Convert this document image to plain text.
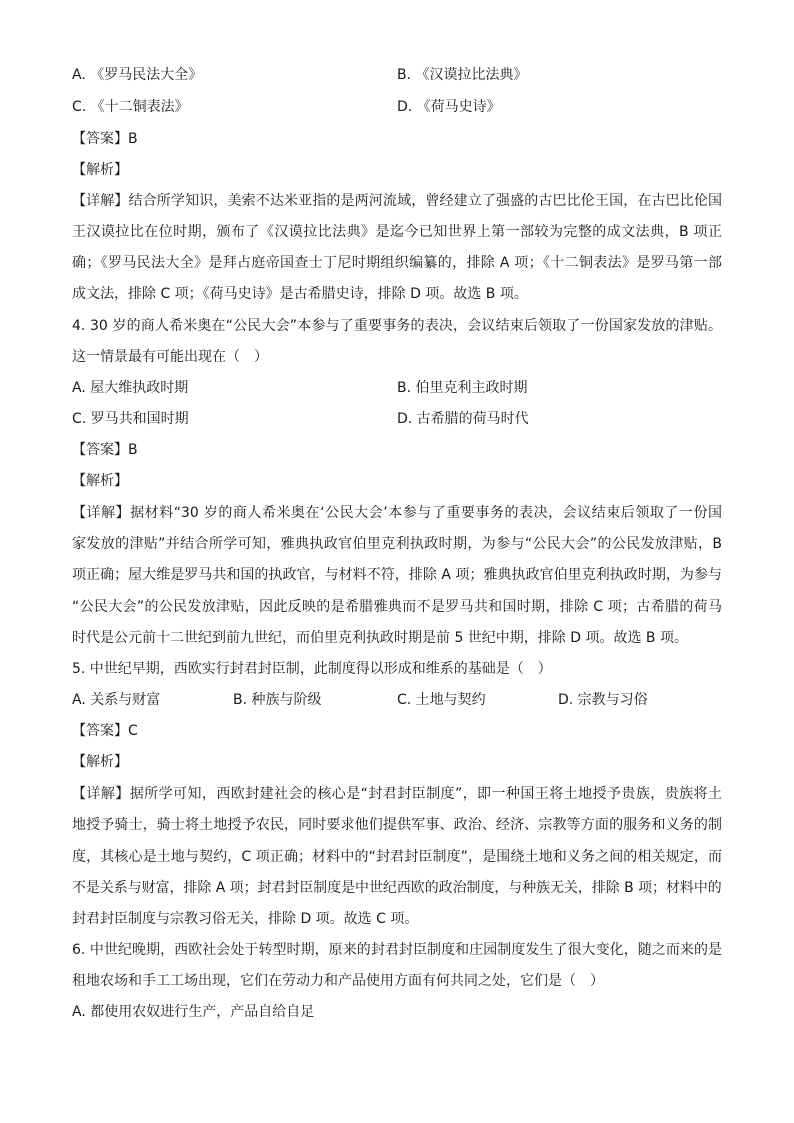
A. 《罗马民法大全》	B. 《汉谟拉比法典》
C. 《十二铜表法》	D. 《荷马史诗》
【答案】B
【解析】
【详解】结合所学知识，美索不达米亚指的是两河流域，曾经建立了强盛的古巴比伦王国，在古巴比伦国
王汉谟拉比在位时期，颁布了《汉谟拉比法典》是迄今已知世界上第一部较为完整的成文法典，B 项正
确；《罗马民法大全》是拜占庭帝国查士丁尼时期组织编纂的，排除 A 项；《十二铜表法》是罗马第一部
成文法，排除 C 项；《荷马史诗》是古希腊史诗，排除 D 项。故选 B 项。
4. 30 岁的商人希米奥在“公民大会”本参与了重要事务的表决，会议结束后领取了一份国家发放的津贴。
这一情景最有可能出现在（　）
A. 屋大维执政时期	B. 伯里克利主政时期
C. 罗马共和国时期	D. 古希腊的荷马时代
【答案】B
【解析】
【详解】据材料“30 岁的商人希米奥在‘公民大会’本参与了重要事务的表决，会议结束后领取了一份国
家发放的津贴”并结合所学可知，雅典执政官伯里克利执政时期，为参与“公民大会”的公民发放津贴，B
项正确；屋大维是罗马共和国的执政官，与材料不符，排除 A 项；雅典执政官伯里克利执政时期，为参与
“公民大会”的公民发放津贴，因此反映的是希腊雅典而不是罗马共和国时期，排除 C 项；古希腊的荷马
时代是公元前十二世纪到前九世纪，而伯里克利执政时期是前 5 世纪中期，排除 D 项。故选 B 项。
5. 中世纪早期，西欧实行封君封臣制，此制度得以形成和维系的基础是（　）
A. 关系与财富	B. 种族与阶级	C. 土地与契约	D. 宗教与习俗
【答案】C
【解析】
【详解】据所学可知，西欧封建社会的核心是“封君封臣制度”，即一种国王将土地授予贵族，贵族将土
地授予骑士，骑士将土地授予农民，同时要求他们提供军事、政治、经济、宗教等方面的服务和义务的制
度，其核心是土地与契约，C 项正确；材料中的“封君封臣制度”，是围绕土地和义务之间的相关规定，而
不是关系与财富，排除 A 项；封君封臣制度是中世纪西欧的政治制度，与种族无关，排除 B 项；材料中的
封君封臣制度与宗教习俗无关，排除 D 项。故选 C 项。
6. 中世纪晚期，西欧社会处于转型时期，原来的封君封臣制度和庄园制度发生了很大变化，随之而来的是
租地农场和手工工场出现，它们在劳动力和产品使用方面有何共同之处，它们是（　）
A. 都使用农奴进行生产，产品自给自足
